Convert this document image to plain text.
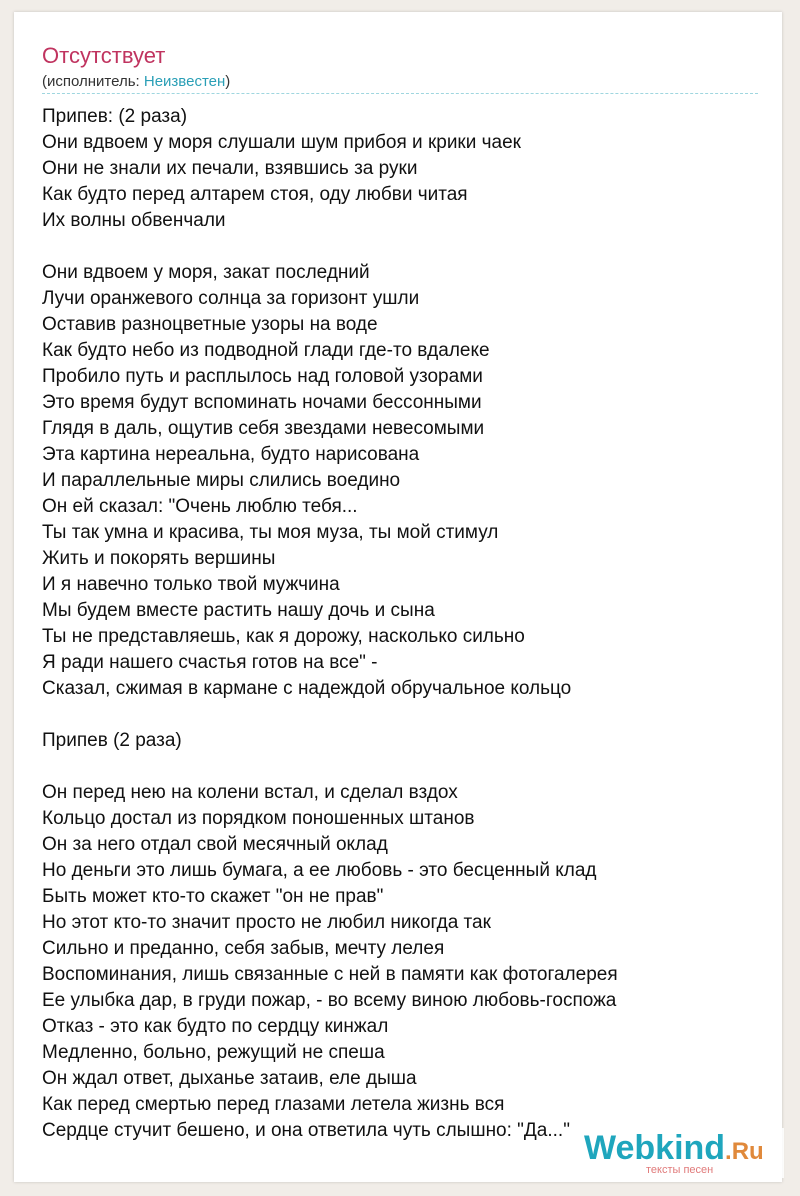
Отсутствует
(исполнитель: Неизвестен)
Припев: (2 раза)
Они вдвоем у моря слушали шум прибоя и крики чаек
Они не знали их печали, взявшись за руки
Как будто перед алтарем стоя, оду любви читая
Их волны обвенчали
Они вдвоем у моря, закат последний
Лучи оранжевого солнца за горизонт ушли
Оставив разноцветные узоры на воде
Как будто небо из подводной глади где-то вдалеке
Пробило путь и расплылось над головой узорами
Это время будут вспоминать ночами бессонными
Глядя в даль, ощутив себя звездами невесомыми
Эта картина нереальна, будто нарисована
И параллельные миры слились воедино
Он ей сказал: "Очень люблю тебя...
Ты так умна и красива, ты моя муза, ты мой стимул
Жить и покорять вершины
И я навечно только твой мужчина
Мы будем вместе растить нашу дочь и сына
Ты не представляешь, как я дорожу, насколько сильно
Я ради нашего счастья готов на все" -
Сказал, сжимая в кармане с надеждой обручальное кольцо
Припев (2 раза)
Он перед нею на колени встал, и сделал вздох
Кольцо достал из порядком поношенных штанов
Он за него отдал свой месячный оклад
Но деньги это лишь бумага, а ее любовь - это бесценный клад
Быть может кто-то скажет "он не прав"
Но этот кто-то значит просто не любил никогда так
Сильно и преданно, себя забыв, мечту лелея
Воспоминания, лишь связанные с ней в памяти как фотогалерея
Ее улыбка дар, в груди пожар, - во всему виною любовь-госпожа
Отказ - это как будто по сердцу кинжал
Медленно, больно, режущий не спеша
Он ждал ответ, дыханье затаив, еле дыша
Как перед смертью перед глазами летела жизнь вся
Сердце стучит бешено, и она ответила чуть слышно: "Да..." Webkind.Ru
тексты песен
